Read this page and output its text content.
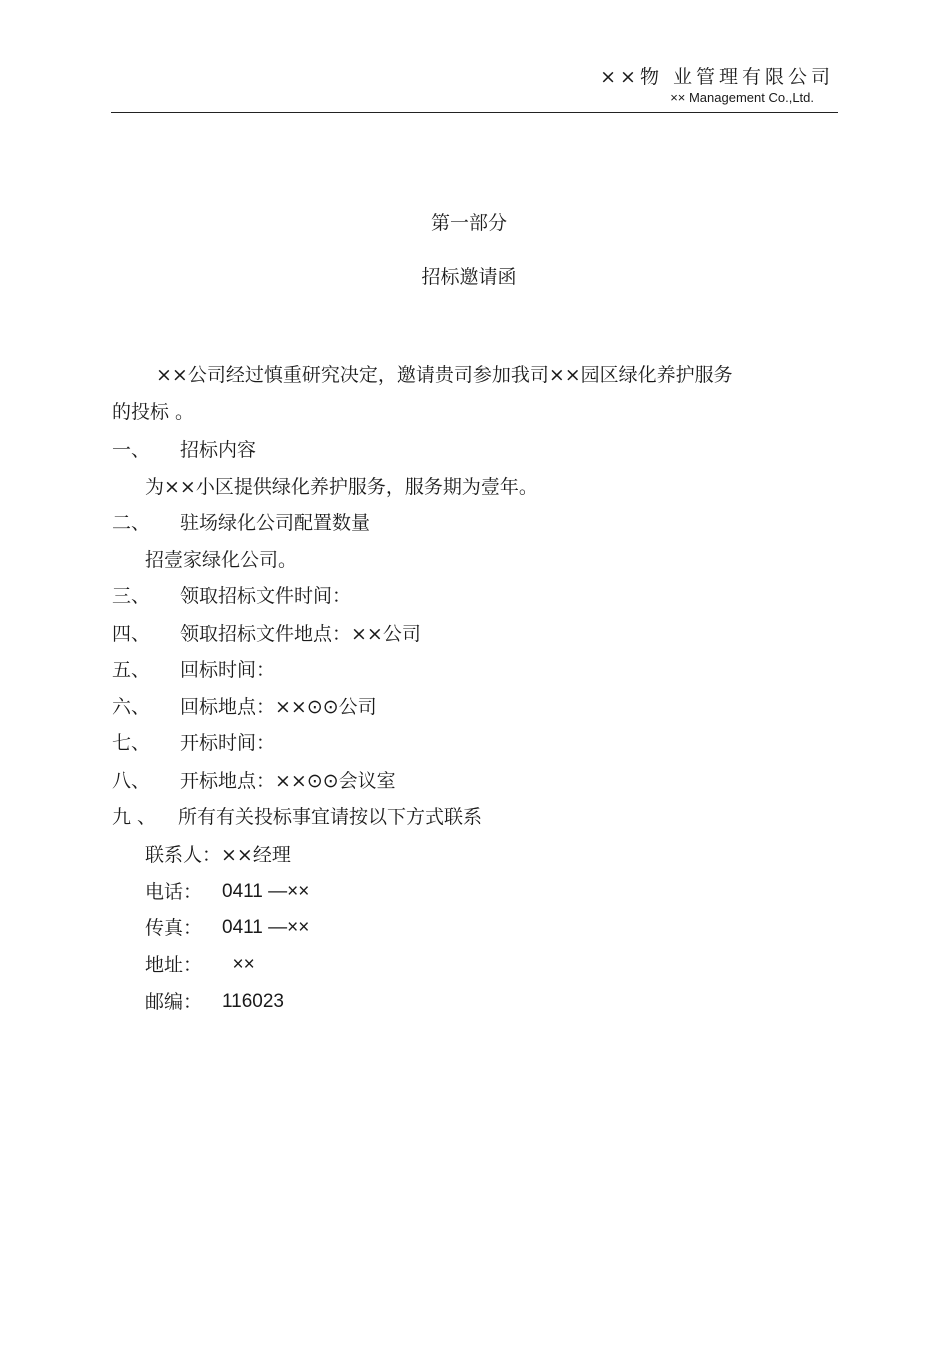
××物 业管理有限公司
×× Management Co.,Ltd.
第一部分
招标邀请函
××公司经过慎重研究决定，邀请贵司参加我司××园区绿化养护服务
的投标 。
一、 招标内容
为××小区提供绿化养护服务，服务期为壹年。
二、 驻场绿化公司配置数量
招壹家绿化公司。
三、 领取招标文件时间：
四、 领取招标文件地点：××公司
五、 回标时间：
六、 回标地点：××⊙⊙公司
七、 开标时间：
八、 开标地点：××⊙⊙会议室
九 、 所有有关投标事宜请按以下方式联系
联系人：××经理
电话： 0411 —××
传真： 0411 —××
地址： ××
邮编： 116023
